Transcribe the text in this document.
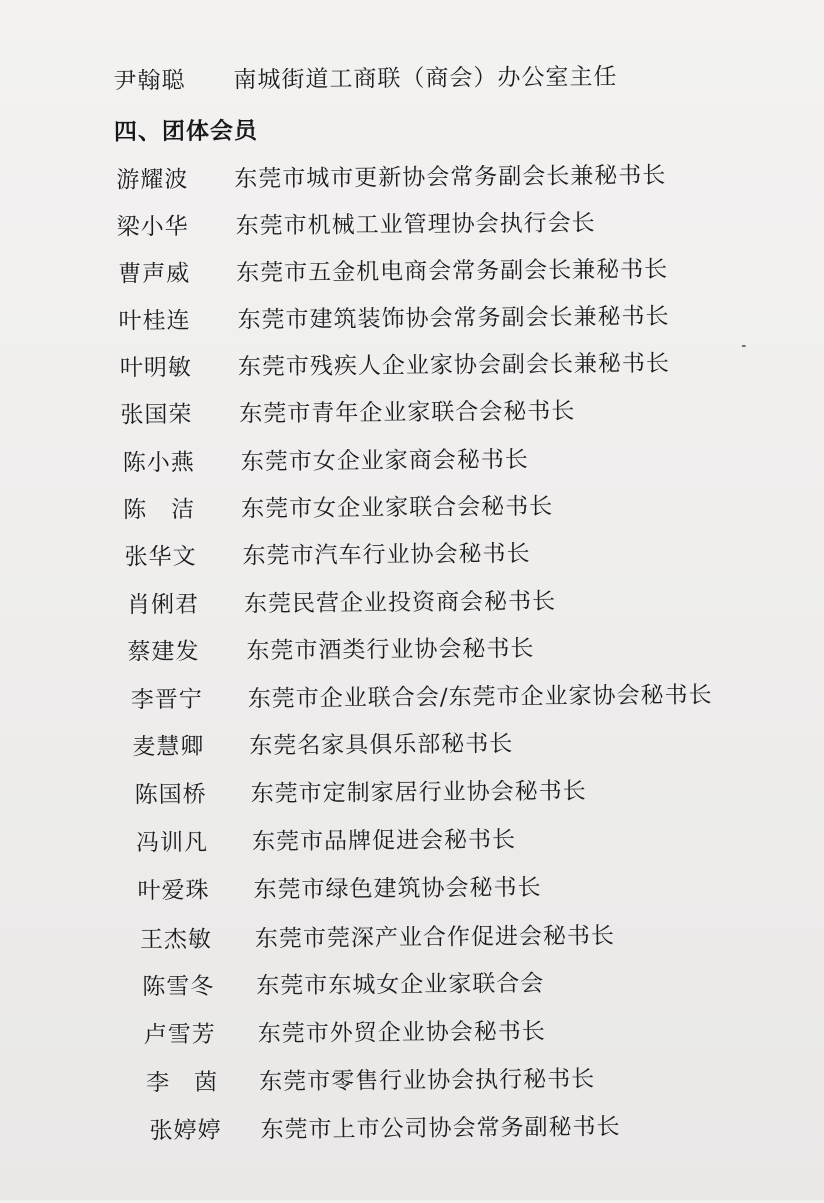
尹翰聪 南城街道工商联（商会）办公室主任
四、团体会员
游耀波 东莞市城市更新协会常务副会长兼秘书长
梁小华 东莞市机械工业管理协会执行会长
曹声威 东莞市五金机电商会常务副会长兼秘书长
叶桂连 东莞市建筑装饰协会常务副会长兼秘书长
叶明敏 东莞市残疾人企业家协会副会长兼秘书长
张国荣 东莞市青年企业家联合会秘书长
陈小燕 东莞市女企业家商会秘书长
陈　洁 东莞市女企业家联合会秘书长
张华文 东莞市汽车行业协会秘书长
肖俐君 东莞民营企业投资商会秘书长
蔡建发 东莞市酒类行业协会秘书长
李晋宁 东莞市企业联合会/东莞市企业家协会秘书长
麦慧卿 东莞名家具俱乐部秘书长
陈国桥 东莞市定制家居行业协会秘书长
冯训凡 东莞市品牌促进会秘书长
叶爱珠 东莞市绿色建筑协会秘书长
王杰敏 东莞市莞深产业合作促进会秘书长
陈雪冬 东莞市东城女企业家联合会
卢雪芳 东莞市外贸企业协会秘书长
李　茵 东莞市零售行业协会执行秘书长
张婷婷 东莞市上市公司协会常务副秘书长
